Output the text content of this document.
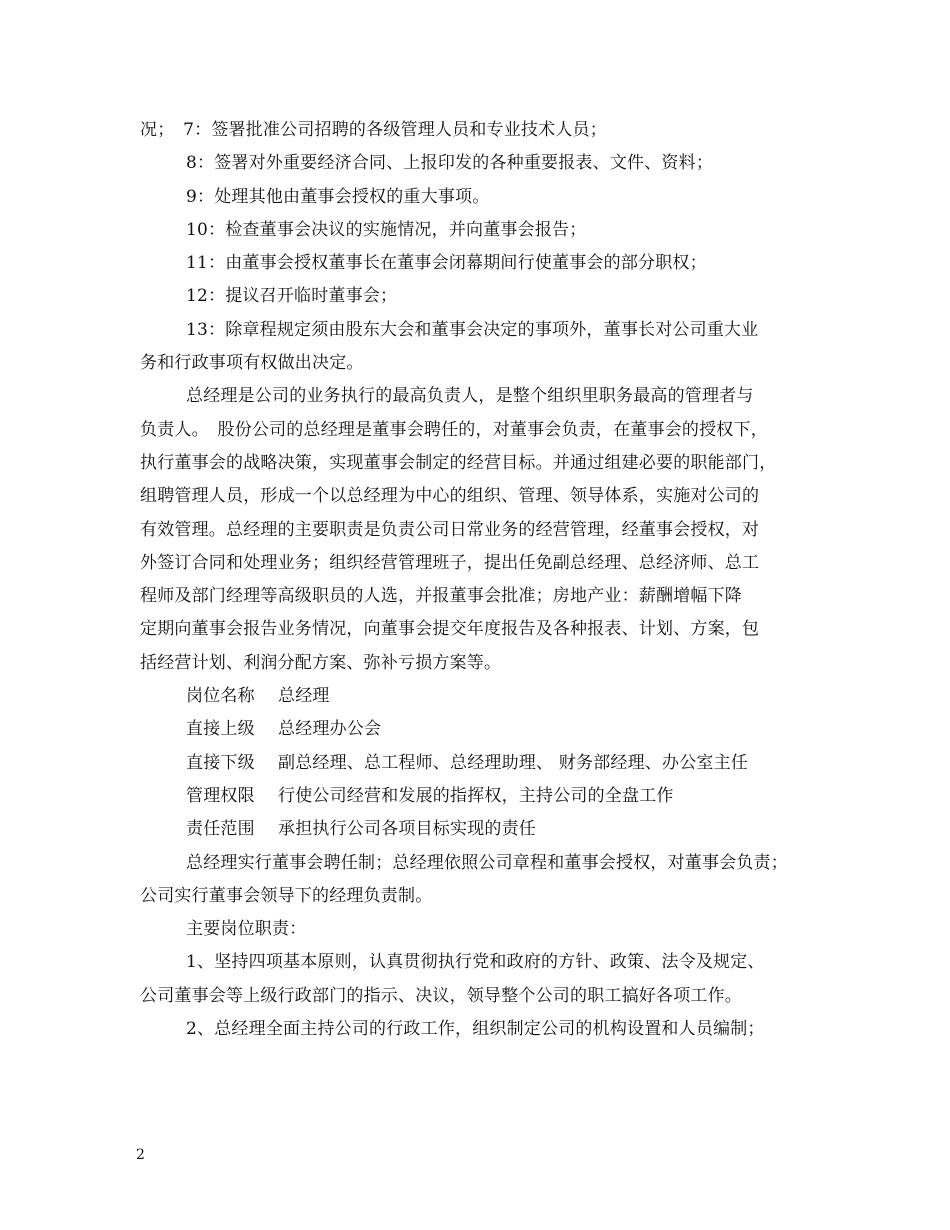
况；　7：签署批准公司招聘的各级管理人员和专业技术人员；

8：签署对外重要经济合同、上报印发的各种重要报表、文件、资料；

9：处理其他由董事会授权的重大事项。

10：检查董事会决议的实施情况，并向董事会报告；

11：由董事会授权董事长在董事会闭幕期间行使董事会的部分职权；

12：提议召开临时董事会；

13：除章程规定须由股东大会和董事会决定的事项外，董事长对公司重大业
务和行政事项有权做出决定。
总经理是公司的业务执行的最高负责人，是整个组织里职务最高的管理者与
负责人。　股份公司的总经理是董事会聘任的，对董事会负责，在董事会的授权下，
执行董事会的战略决策，实现董事会制定的经营目标。并通过组建必要的职能部门，
组聘管理人员，形成一个以总经理为中心的组织、管理、领导体系，实施对公司的
有效管理。总经理的主要职责是负责公司日常业务的经营管理，经董事会授权，对
外签订合同和处理业务；组织经营管理班子，提出任免副总经理、总经济师、总工
程师及部门经理等高级职员的人选，并报董事会批准；房地产业：薪酬增幅下降
定期向董事会报告业务情况，向董事会提交年度报告及各种报表、计划、方案，包
括经营计划、利润分配方案、弥补亏损方案等。

岗位名称 总经理

直接上级 总经理办公会

直接下级 副总经理、总工程师、总经理助理、 财务部经理、办公室主任

管理权限 行使公司经营和发展的指挥权，主持公司的全盘工作

责任范围 承担执行公司各项目标实现的责任

总经理实行董事会聘任制；总经理依照公司章程和董事会授权，对董事会负责；
公司实行董事会领导下的经理负责制。

主要岗位职责：

1、坚持四项基本原则，认真贯彻执行党和政府的方针、政策、法令及规定、
公司董事会等上级行政部门的指示、决议，领导整个公司的职工搞好各项工作。

2、总经理全面主持公司的行政工作，组织制定公司的机构设置和人员编制；

2
